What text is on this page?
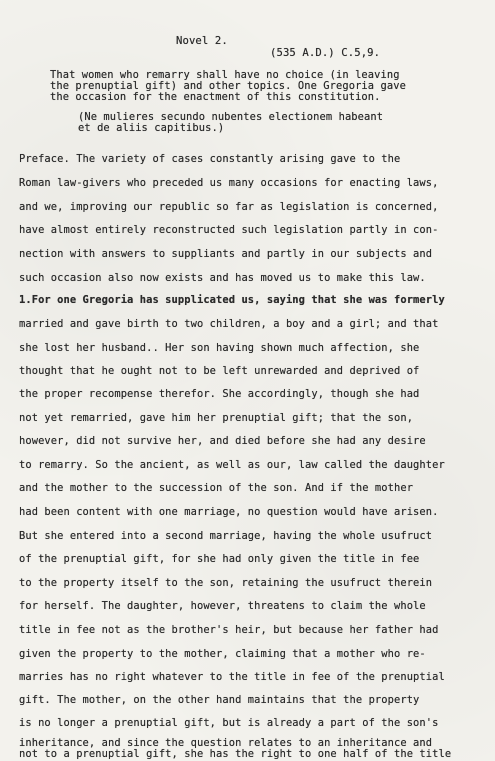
Novel 2.
(535 A.D.) C.5,9.
That women who remarry shall have no choice (in leaving
the prenuptial gift) and other topics. One Gregoria gave
the occasion for the enactment of this constitution.
(Ne mulieres secundo nubentes electionem habeant
et de aliis capitibus.)
Preface. The variety of cases constantly arising gave to the
Roman law-givers who preceded us many occasions for enacting laws,
and we, improving our republic so far as legislation is concerned,
have almost entirely reconstructed such legislation partly in con-
nection with answers to suppliants and partly in our subjects and
such occasion also now exists and has moved us to make this law.
1.For one Gregoria has supplicated us, saying that she was formerly
married and gave birth to two children, a boy and a girl; and that
she lost her husband.. Her son having shown much affection, she
thought that he ought not to be left unrewarded and deprived of
the proper recompense therefor. She accordingly, though she had
not yet remarried, gave him her prenuptial gift; that the son,
however, did not survive her, and died before she had any desire
to remarry. So the ancient, as well as our, law called the daughter
and the mother to the succession of the son. And if the mother
had been content with one marriage, no question would have arisen.
But she entered into a second marriage, having the whole usufruct
of the prenuptial gift, for she had only given the title in fee
to the property itself to the son, retaining the usufruct therein
for herself. The daughter, however, threatens to claim the whole
title in fee not as the brother's heir, but because her father had
given the property to the mother, claiming that a mother who re-
marries has no right whatever to the title in fee of the prenuptial
gift. The mother, on the other hand maintains that the property
is no longer a prenuptial gift, but is already a part of the son's
inheritance, and since the question relates to an inheritance and
not to a prenuptial gift, she has the right to one half of the title
